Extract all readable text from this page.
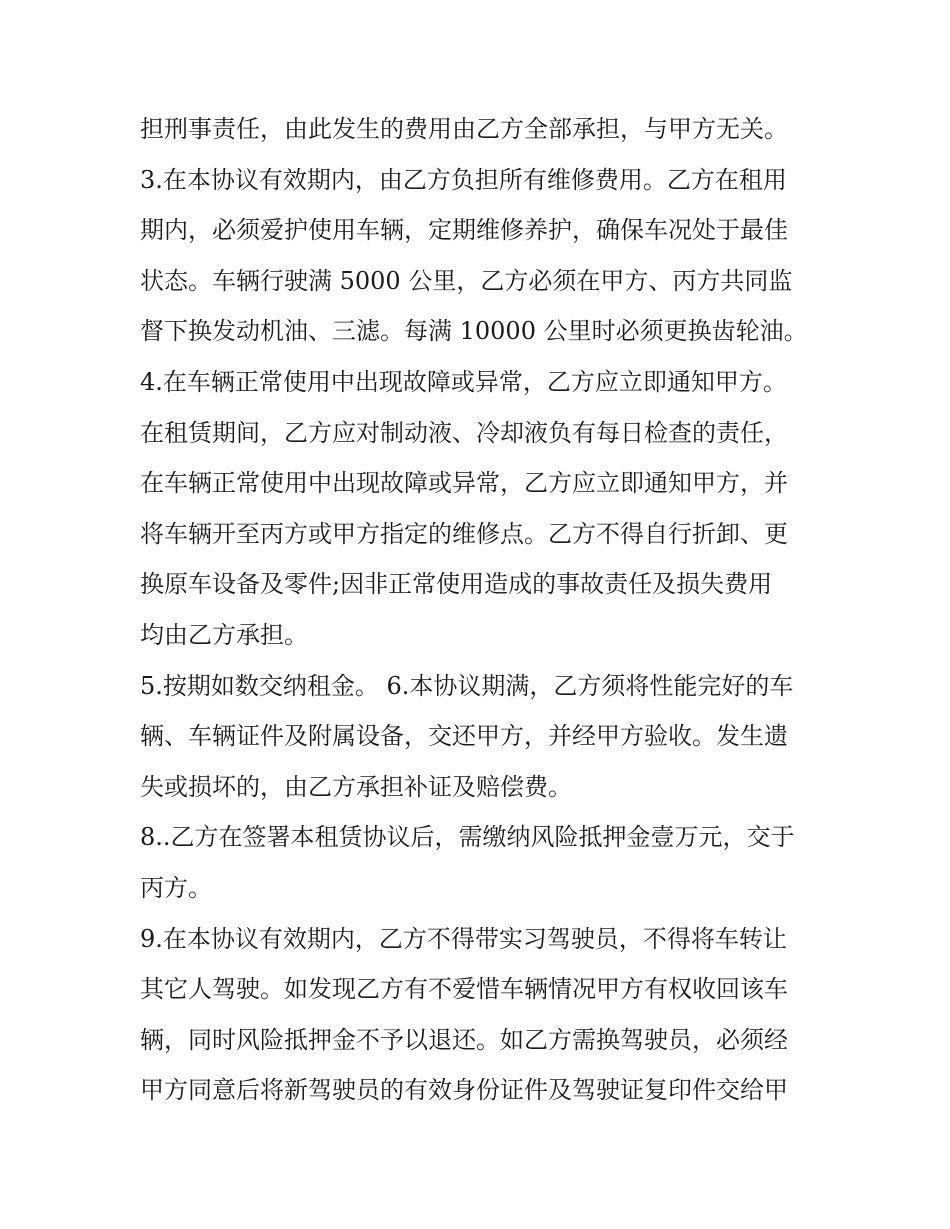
担刑事责任，由此发生的费用由乙方全部承担，与甲方无关。
3.在本协议有效期内，由乙方负担所有维修费用。乙方在租用
期内，必须爱护使用车辆，定期维修养护，确保车况处于最佳
状态。车辆行驶满 5000 公里，乙方必须在甲方、丙方共同监
督下换发动机油、三滤。每满 10000 公里时必须更换齿轮油。
4.在车辆正常使用中出现故障或异常，乙方应立即通知甲方。
在租赁期间，乙方应对制动液、冷却液负有每日检查的责任，
在车辆正常使用中出现故障或异常，乙方应立即通知甲方，并
将车辆开至丙方或甲方指定的维修点。乙方不得自行折卸、更
换原车设备及零件;因非正常使用造成的事故责任及损失费用
均由乙方承担。
5.按期如数交纳租金。 6.本协议期满，乙方须将性能完好的车
辆、车辆证件及附属设备，交还甲方，并经甲方验收。发生遗
失或损坏的，由乙方承担补证及赔偿费。
8..乙方在签署本租赁协议后，需缴纳风险抵押金壹万元，交于
丙方。
9.在本协议有效期内，乙方不得带实习驾驶员，不得将车转让
其它人驾驶。如发现乙方有不爱惜车辆情况甲方有权收回该车
辆，同时风险抵押金不予以退还。如乙方需换驾驶员，必须经
甲方同意后将新驾驶员的有效身份证件及驾驶证复印件交给甲
